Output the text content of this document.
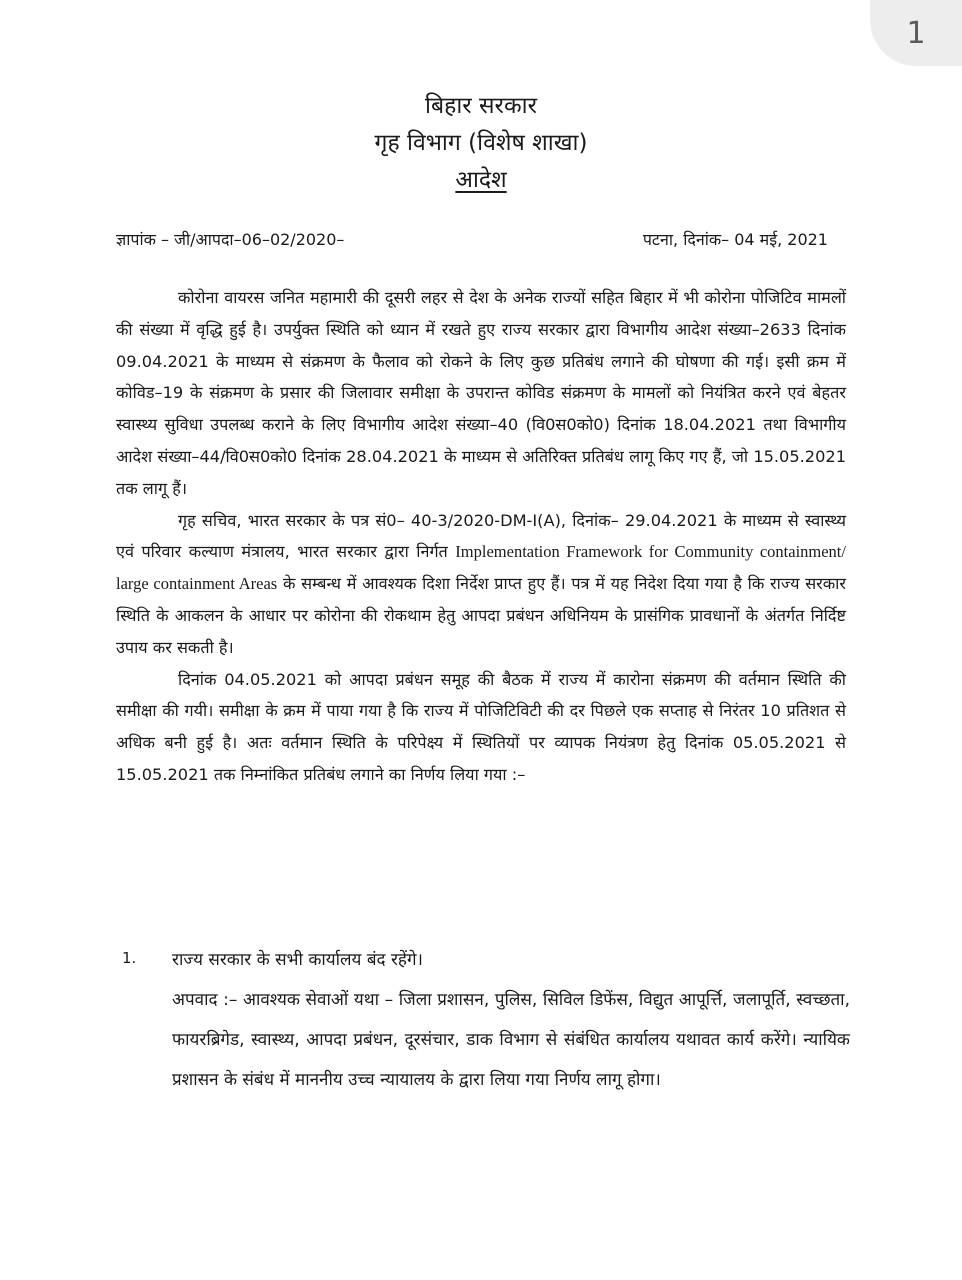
1
बिहार सरकार
गृह विभाग (विशेष शाखा)
आदेश
ज्ञापांक – जी/आपदा–06–02/2020–	पटना, दिनांक– 04 मई, 2021

कोरोना वायरस जनित महामारी की दूसरी लहर से देश के अनेक राज्यों सहित बिहार में भी कोरोना पोजिटिव मामलों की संख्या में वृद्धि हुई है। उपर्युक्त स्थिति को ध्यान में रखते हुए राज्य सरकार द्वारा विभागीय आदेश संख्या–2633 दिनांक 09.04.2021 के माध्यम से संक्रमण के फैलाव को रोकने के लिए कुछ प्रतिबंध लगाने की घोषणा की गई। इसी क्रम में कोविड–19 के संक्रमण के प्रसार की जिलावार समीक्षा के उपरान्त कोविड संक्रमण के मामलों को नियंत्रित करने एवं बेहतर स्वास्थ्य सुविधा उपलब्ध कराने के लिए विभागीय आदेश संख्या–40 (वि0स0को0) दिनांक 18.04.2021 तथा विभागीय आदेश संख्या–44/वि0स0को0 दिनांक 28.04.2021 के माध्यम से अतिरिक्त प्रतिबंध लागू किए गए हैं, जो 15.05.2021 तक लागू हैं।

गृह सचिव, भारत सरकार के पत्र सं0– 40-3/2020-DM-I(A), दिनांक– 29.04.2021 के माध्यम से स्वास्थ्य एवं परिवार कल्याण मंत्रालय, भारत सरकार द्वारा निर्गत Implementation Framework for Community containment/ large containment Areas के सम्बन्ध में आवश्यक दिशा निर्देश प्राप्त हुए हैं। पत्र में यह निदेश दिया गया है कि राज्य सरकार स्थिति के आकलन के आधार पर कोरोना की रोकथाम हेतु आपदा प्रबंधन अधिनियम के प्रासंगिक प्रावधानों के अंतर्गत निर्दिष्ट उपाय कर सकती है।

दिनांक 04.05.2021 को आपदा प्रबंधन समूह की बैठक में राज्य में कारोना संक्रमण की वर्तमान स्थिति की समीक्षा की गयी। समीक्षा के क्रम में पाया गया है कि राज्य में पोजिटिविटी की दर पिछले एक सप्ताह से निरंतर 10 प्रतिशत से अधिक बनी हुई है। अतः वर्तमान स्थिति के परिपेक्ष्य में स्थितियों पर व्यापक नियंत्रण हेतु दिनांक 05.05.2021 से 15.05.2021 तक निम्नांकित प्रतिबंध लगाने का निर्णय लिया गया :–

1.	राज्य सरकार के सभी कार्यालय बंद रहेंगे।

अपवाद :– आवश्यक सेवाओं यथा – जिला प्रशासन, पुलिस, सिविल डिफेंस, विद्युत आपूर्त्ति, जलापूर्ति, स्वच्छता, फायरब्रिगेड, स्वास्थ्य, आपदा प्रबंधन, दूरसंचार, डाक विभाग से संबंधित कार्यालय यथावत कार्य करेंगे। न्यायिक प्रशासन के संबंध में माननीय उच्च न्यायालय के द्वारा लिया गया निर्णय लागू होगा।
